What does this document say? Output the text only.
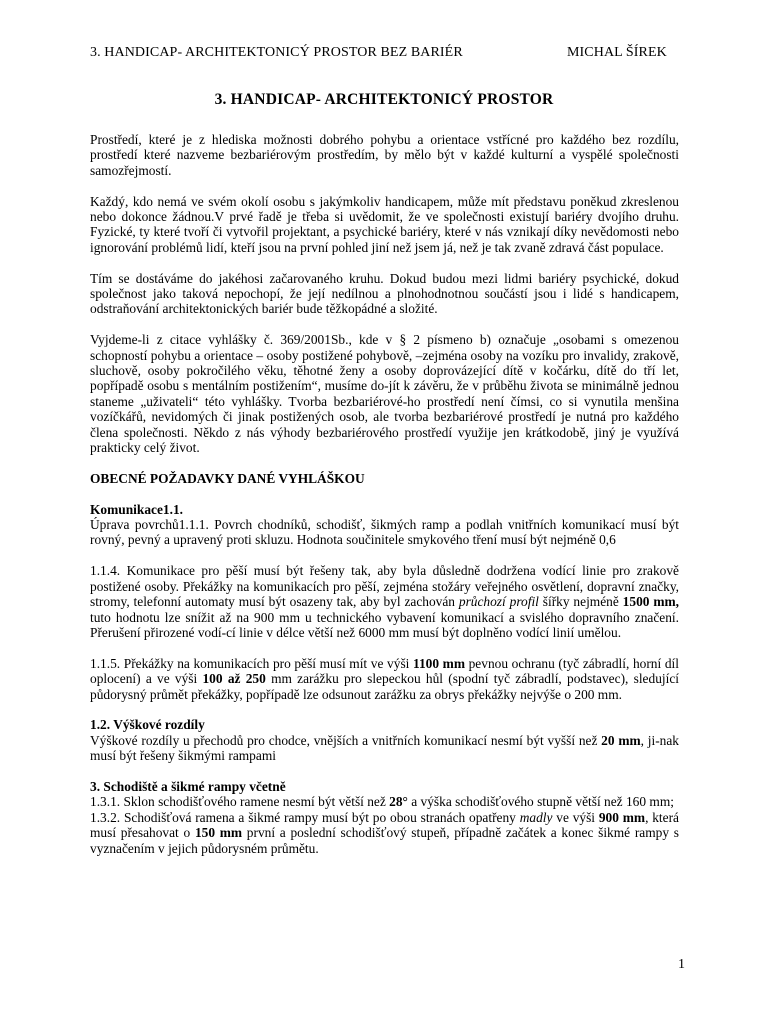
3. HANDICAP- ARCHITEKTONICÝ PROSTOR BEZ BARIÉR	MICHAL ŠÍREK
3. HANDICAP- ARCHITEKTONICÝ PROSTOR

Prostředí, které je z hlediska možnosti dobrého pohybu a orientace vstřícné pro každého bez rozdílu, prostředí které nazveme bezbariérovým prostředím, by mělo být v každé kulturní a vyspělé společnosti samozřejmostí.

Každý, kdo nemá ve svém okolí osobu s jakýmkoliv handicapem, může mít představu poněkud zkreslenou nebo dokonce žádnou.V prvé řadě je třeba si uvědomit, že ve společnosti existují bariéry dvojího druhu. Fyzické, ty které tvoří či vytvořil projektant, a psychické bariéry, které v nás vznikají díky nevědomosti nebo ignorování problémů lidí, kteří jsou na první pohled jiní než jsem já, než je tak zvaně zdravá část populace.

Tím se dostáváme do jakéhosi začarovaného kruhu. Dokud budou mezi lidmi bariéry psychické, dokud společnost jako taková nepochopí, že její nedílnou a plnohodnotnou součástí jsou i lidé s handicapem, odstraňování architektonických bariér bude těžkopádné a složité.

Vyjdeme-li z citace vyhlášky č. 369/2001Sb., kde v § 2 písmeno b) označuje „osobami s omezenou schopností pohybu a orientace – osoby postižené pohybově, –zejména osoby na vozíku pro invalidy, zrakově, sluchově, osoby pokročilého věku, těhotné ženy a osoby doprovázející dítě v kočárku, dítě do tří let, popřípadě osobu s mentálním postižením“, musíme do-jít k závěru, že v průběhu života se minimálně jednou staneme „uživateli“ této vyhlášky. Tvorba bezbariérové-ho prostředí není čímsi, co si vynutila menšina vozíčkářů, nevidomých či jinak postižených osob, ale tvorba bezbariérové prostředí je nutná pro každého člena společnosti. Někdo z nás výhody bezbariérového prostředí využije jen krátkodobě, jiný je využívá prakticky celý život.

OBECNÉ POŽADAVKY DANÉ VYHLÁŠKOU
Komunikace1.1.

Úprava povrchů1.1.1. Povrch chodníků, schodišť, šikmých ramp a podlah vnitřních komunikací musí být rovný, pevný a upravený proti skluzu. Hodnota součinitele smykového tření musí být nejméně 0,6

1.1.4. Komunikace pro pěší musí být řešeny tak, aby byla důsledně dodržena vodící linie pro zrakově postižené osoby. Překážky na komunikacích pro pěší, zejména stožáry veřejného osvětlení, dopravní značky, stromy, telefonní automaty musí být osazeny tak, aby byl zachován průchozí profil šířky nejméně 1500 mm, tuto hodnotu lze snížit až na 900 mm u technického vybavení komunikací a svislého dopravního značení. Přerušení přirozené vodí-cí linie v délce větší než 6000 mm musí být doplněno vodící linií umělou.

1.1.5. Překážky na komunikacích pro pěší musí mít ve výši 1100 mm pevnou ochranu (tyč zábradlí, horní díl oplocení) a ve výši 100 až 250 mm zarážku pro slepeckou hůl (spodní tyč zábradlí, podstavec), sledující půdorysný průmět překážky, popřípadě lze odsunout zarážku za obrys překážky nejvýše o 200 mm.

1.2. Výškové rozdíly

Výškové rozdíly u přechodů pro chodce, vnějších a vnitřních komunikací nesmí být vyšší než 20 mm, ji-nak musí být řešeny šikmými rampami

3. Schodiště a šikmé rampy včetně
1.3.1. Sklon schodišťového ramene nesmí být větší než 28° a výška schodišťového stupně větší než 160 mm;
1.3.2. Schodišťová ramena a šikmé rampy musí být po obou stranách opatřeny madly ve výši 900 mm, která musí přesahovat o 150 mm první a poslední schodišťový stupeň, případně začátek a konec šikmé rampy s vyznačením v jejich půdorysném průmětu.
1
